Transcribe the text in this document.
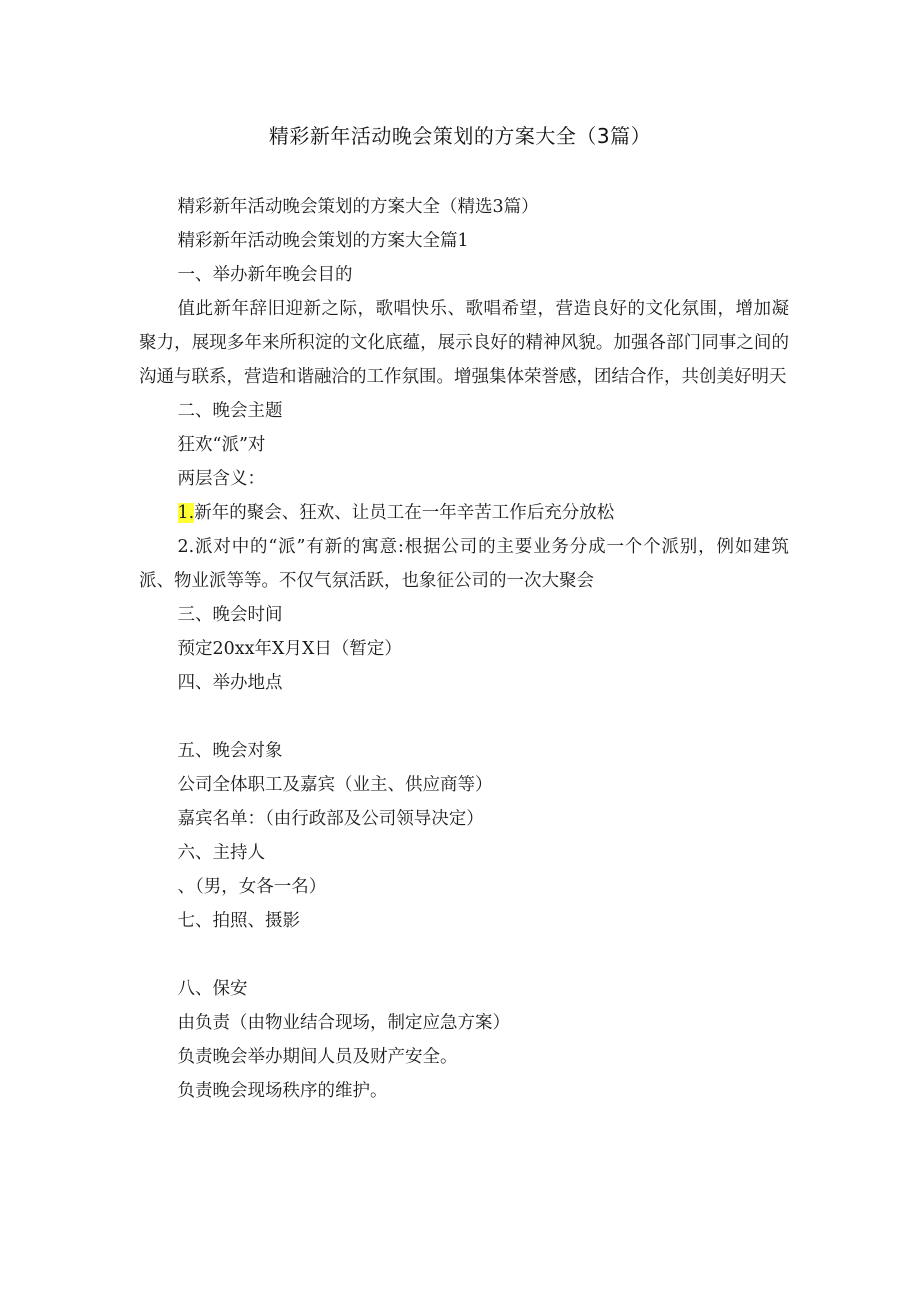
精彩新年活动晚会策划的方案大全（3篇）

精彩新年活动晚会策划的方案大全（精选3篇）

精彩新年活动晚会策划的方案大全篇1

一、举办新年晚会目的

值此新年辞旧迎新之际，歌唱快乐、歌唱希望，营造良好的文化氛围，增加凝聚力，展现多年来所积淀的文化底蕴，展示良好的精神风貌。加强各部门同事之间的沟通与联系，营造和谐融洽的工作氛围。增强集体荣誉感，团结合作，共创美好明天

二、晚会主题

狂欢“派”对

两层含义：

1.新年的聚会、狂欢、让员工在一年辛苦工作后充分放松

2.派对中的“派”有新的寓意:根据公司的主要业务分成一个个派别，例如建筑派、物业派等等。不仅气氛活跃，也象征公司的一次大聚会

三、晚会时间

预定20xx年X月X日（暂定）

四、举办地点

五、晚会对象

公司全体职工及嘉宾（业主、供应商等）

嘉宾名单：（由行政部及公司领导决定）

六、主持人

、（男，女各一名）

七、拍照、摄影

八、保安

由负责（由物业结合现场，制定应急方案）

负责晚会举办期间人员及财产安全。

负责晚会现场秩序的维护。
